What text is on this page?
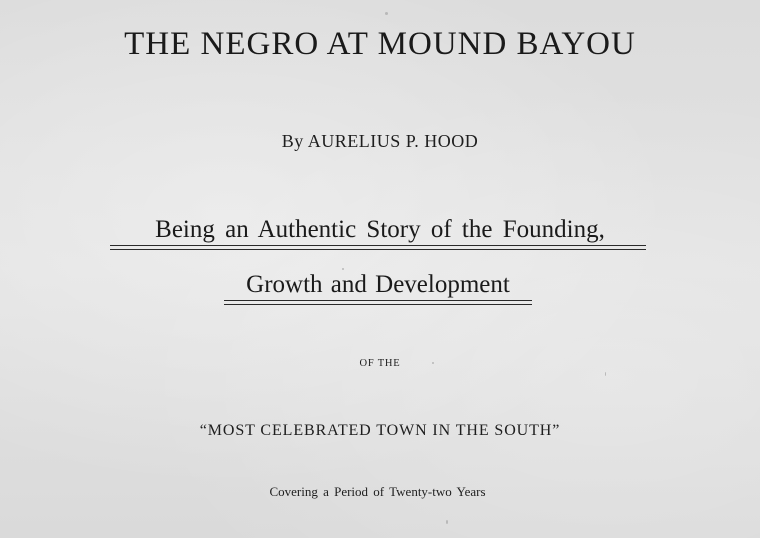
THE NEGRO AT MOUND BAYOU
By AURELIUS P. HOOD
Being an Authentic Story of the Founding,
Growth and Development
OF THE
“MOST CELEBRATED TOWN IN THE SOUTH”
Covering a Period of Twenty-two Years
